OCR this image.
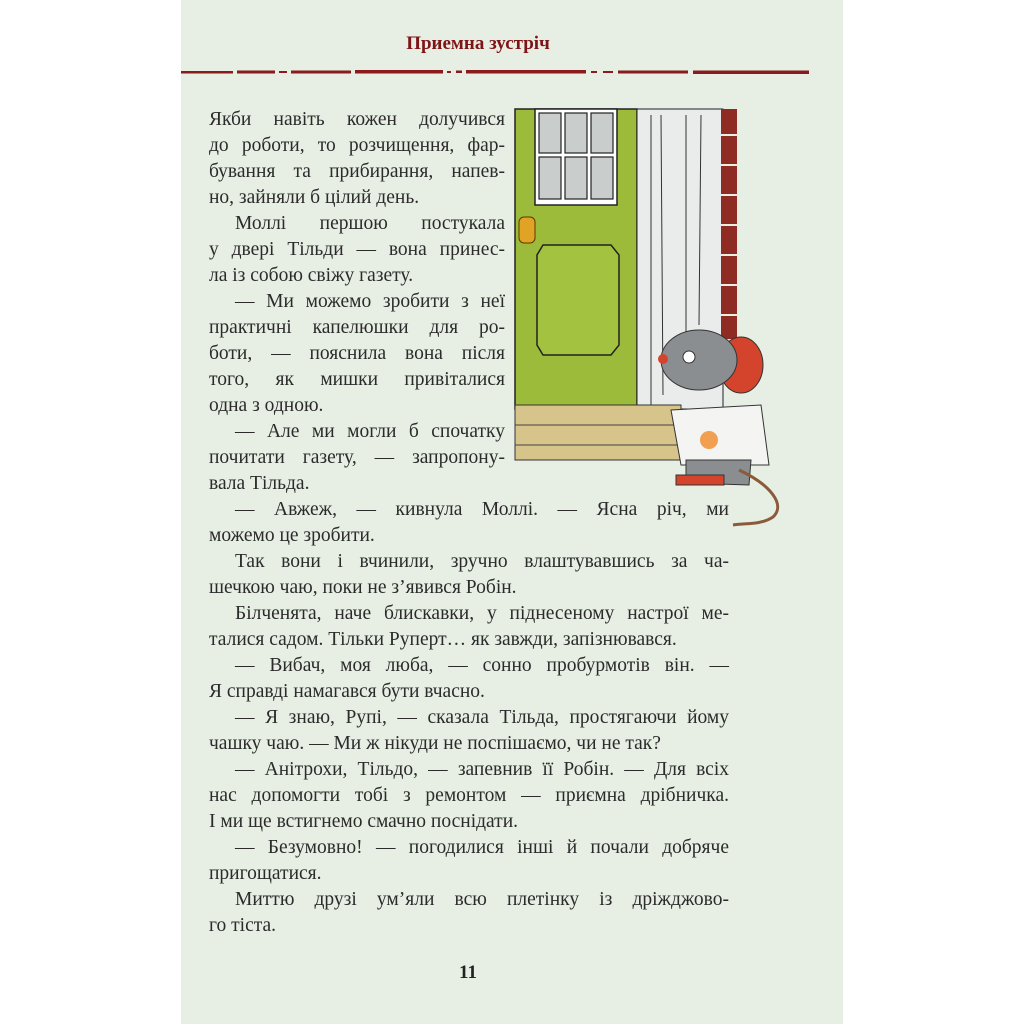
Приемна зустріч
Якби навіть кожен долучився
до роботи, то розчищення, фар-
бування та прибирання, напев-
но, зайняли б цілий день.
Моллі першою постукала
у двері Тільди — вона принес-
ла із собою свіжу газету.
— Ми можемо зробити з неї
практичні капелюшки для ро-
боти, — пояснила вона після
того, як мишки привіталися
одна з одною.
— Але ми могли б спочатку
почитати газету, — запропону-
вала Тільда.
— Авжеж, — кивнула Моллі. — Ясна річ, ми
можемо це зробити.
Так вони і вчинили, зручно влаштувавшись за ча-
шечкою чаю, поки не з’явився Робін.
Білченята, наче блискавки, у піднесеному настрої ме-
талися садом. Тільки Руперт… як завжди, запізнювався.
— Вибач, моя люба, — сонно пробурмотів він. —
Я справді намагався бути вчасно.
— Я знаю, Рупі, — сказала Тільда, простягаючи йому
чашку чаю. — Ми ж нікуди не поспішаємо, чи не так?
— Анітрохи, Тільдо, — запевнив її Робін. — Для всіх
нас допомогти тобі з ремонтом — приємна дрібничка.
І ми ще встигнемо смачно поснідати.
— Безумовно! — погодилися інші й почали добряче
пригощатися.
Миттю друзі ум’яли всю плетінку із дріжджово-
го тіста.
11
